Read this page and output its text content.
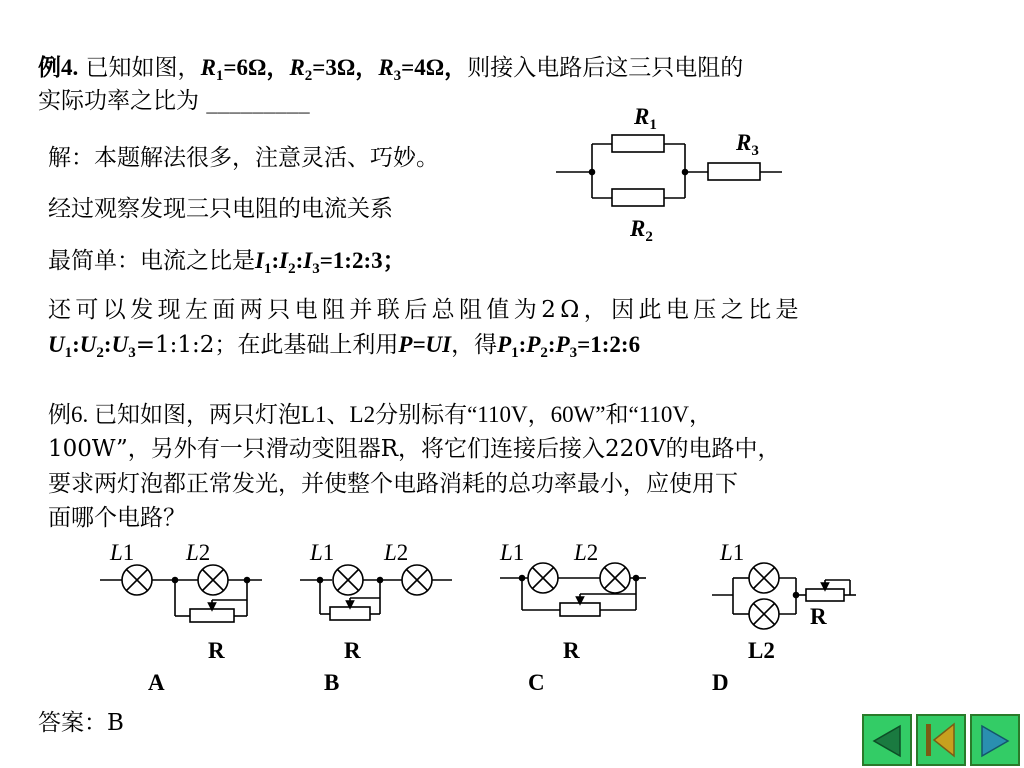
例4. 已知如图，$R_1=6\Omega$，$R_2=3\Omega$，$R_3=4\Omega$，则接入电路后这三只电阻的
实际功率之比为 _________
解：本题解法很多，注意灵活、巧妙。
经过观察发现三只电阻的电流关系
最简单：电流之比是$I_1:I_2:I_3=1:2:3$；
还可以发现左面两只电阻并联后总阻值为2Ω，因此电压之比是
$U_1:U_2:U_3=1:1:2$；在此基础上利用P=UI，得$P_1:P_2:P_3=1:2:6$
例6. 已知如图，两只灯泡L1、L2分别标有“110V，60W”和“110V，
100W”，另外有一只滑动变阻器R，将它们连接后接入220V的电路中，
要求两灯泡都正常发光，并使整个电路消耗的总功率最小，应使用下
面哪个电路？
$R_1$
$R_3$
$R_2$
L1 L2
R
A
L1 L2
R
B
L1 L2
R
C
L1
R
L2
D
答案：B
